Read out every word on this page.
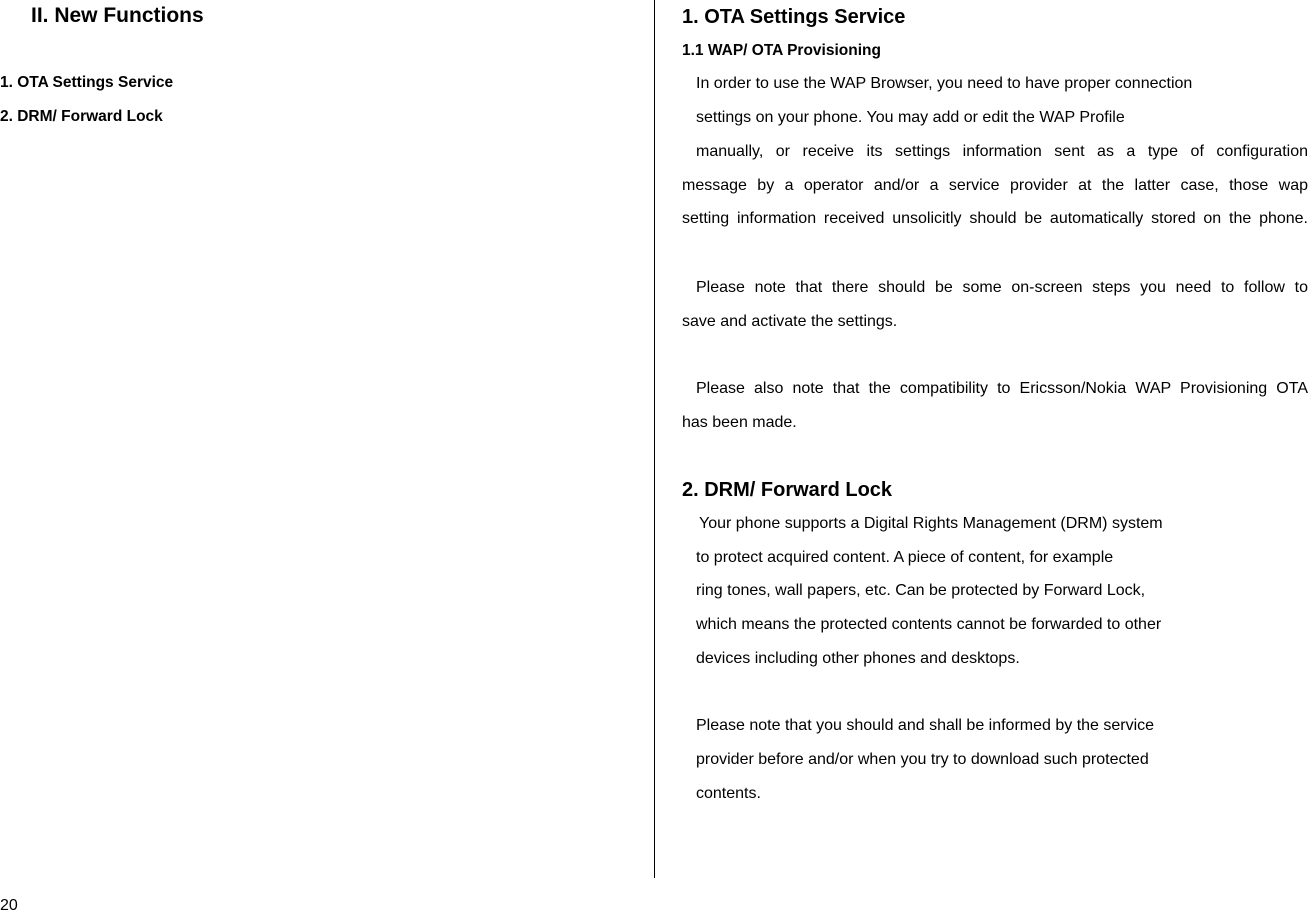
II. New Functions
1. OTA Settings Service
2. DRM/ Forward Lock
1. OTA Settings Service
1.1 WAP/ OTA Provisioning
In order to use the WAP Browser, you need to have proper connection
settings on your phone. You may add or edit the WAP Profile
manually, or receive its settings information sent as a type of configuration
message by a operator and/or a service provider at the latter case, those wap
setting information received unsolicitly should be automatically stored on the phone.
Please note that there should be some on-screen steps you need to follow to
save and activate the settings.
Please also note that the compatibility to Ericsson/Nokia WAP Provisioning OTA
has been made.
2. DRM/ Forward Lock
Your phone supports a Digital Rights Management (DRM) system
to protect acquired content. A piece of content, for example
ring tones, wall papers, etc. Can be protected by Forward Lock,
which means the protected contents cannot be forwarded to other
devices including other phones and desktops.
Please note that you should and shall be informed by the service
provider before and/or when you try to download such protected
contents.
20
